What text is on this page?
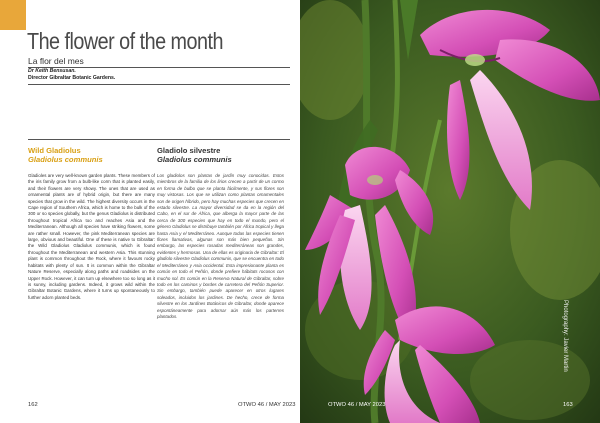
The flower of the month
La flor del mes
Dr Keith Bensusan.
Director Gibraltar Botanic Gardens.
Wild Gladiolus
Gladiolus communis
Gladiolo silvestre
Gladiolus communis

Gladioles are very well-known garden plants. These members of the iris family grow from a bulb-like corm that is planted easily, and their flowers are very showy. The ones that are used as ornamental plants are of hybrid origin, but there are many species that grow in the wild. The highest diversity occurs in the Cape region of Southern Africa, which is home to the bulk of the 300 or so species globally, but the genus Gladiolus is distributed throughout tropical Africa too and reaches Asia and the Mediterranean. Although all species have striking flowers, some are rather small. However, the pink Mediterranean species are large, obvious and beautiful. One of these is native to Gibraltar: the Wild Gladiolus Gladiolus communis, which is found throughout the Mediterranean and western Asia. This stunning plant is common throughout the Rock, where it favours rocky habitats with plenty of sun. It is common within the Gibraltar Nature Reserve, especially along paths and roadsides on the Upper Rock. However, it can turn up elsewhere too so long as it is sunny, including gardens. Indeed, it grows wild within the Gibraltar Botanic Gardens, where it turns up spontaneously to further adorn planted beds.

Los gladiolos son plantas de jardín muy conocidas. Estos miembros de la familia de los lirios crecen a partir de un cormo en forma de bulbo que se planta fácilmente, y sus flores son muy vistosas. Los que se utilizan como plantas ornamentales son de origen híbrido, pero hay muchas especies que crecen en estado silvestre. La mayor diversidad se da en la región del Cabo, en el sur de África, que alberga la mayor parte de las cerca de 300 especies que hay en todo el mundo, pero el género Gladiolus se distribuye también por África tropical y llega hasta Asia y el Mediterráneo. Aunque todas las especies tienen flores llamativas, algunas son más bien pequeñas. Sin embargo, las especies rosadas mediterráneas son grandes, evidentes y hermosas. Una de ellas es originaria de Gibraltar: El gladiolo silvestre Gladiolus communis, que se encuentra en todo el Mediterráneo y Asia occidental. Esta impresionante planta es común en todo el Peñón, donde prefiere hábitats rocosos con mucho sol. Es común en la Reserva Natural de Gibraltar, sobre todo en los caminos y bordes de carretera del Peñón Superior. Sin embargo, también puede aparecer en otros lugares soleados, incluidos los jardines. De hecho, crece de forma silvestre en los Jardines Botánicos de Gibraltar, donde aparece espontáneamente para adornar aún más los parterres plantados.

162	OTWO 46 / MAY 2023
Photography: Javier Martin
OTWO 46 / MAY 2023	163
